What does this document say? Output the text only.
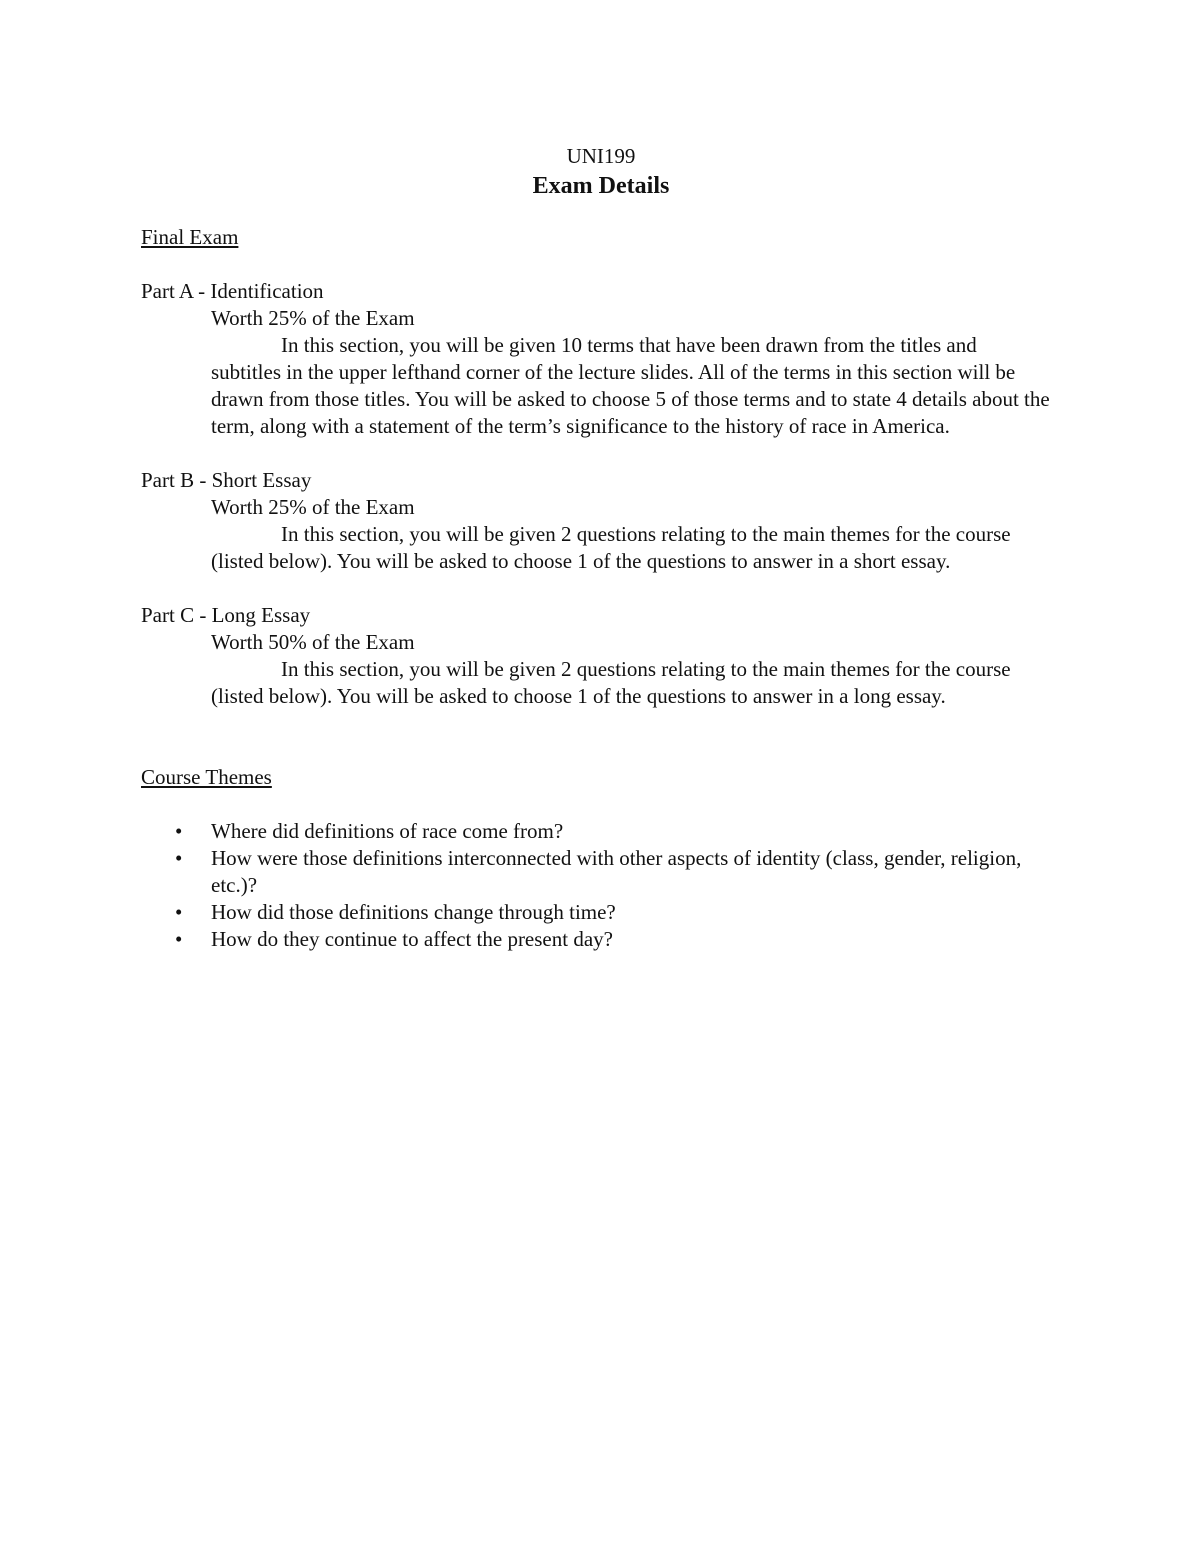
UNI199

Exam Details

Final Exam

Part A - Identification

Worth 25% of the Exam

In this section, you will be given 10 terms that have been drawn from the titles and subtitles in the upper lefthand corner of the lecture slides. All of the terms in this section will be drawn from those titles. You will be asked to choose 5 of those terms and to state 4 details about the term, along with a statement of the term’s significance to the history of race in America.

Part B - Short Essay

Worth 25% of the Exam

In this section, you will be given 2 questions relating to the main themes for the course (listed below). You will be asked to choose 1 of the questions to answer in a short essay.

Part C - Long Essay

Worth 50% of the Exam

In this section, you will be given 2 questions relating to the main themes for the course (listed below). You will be asked to choose 1 of the questions to answer in a long essay.

Course Themes

• Where did definitions of race come from?
• How were those definitions interconnected with other aspects of identity (class, gender, religion, etc.)?
• How did those definitions change through time?
• How do they continue to affect the present day?
